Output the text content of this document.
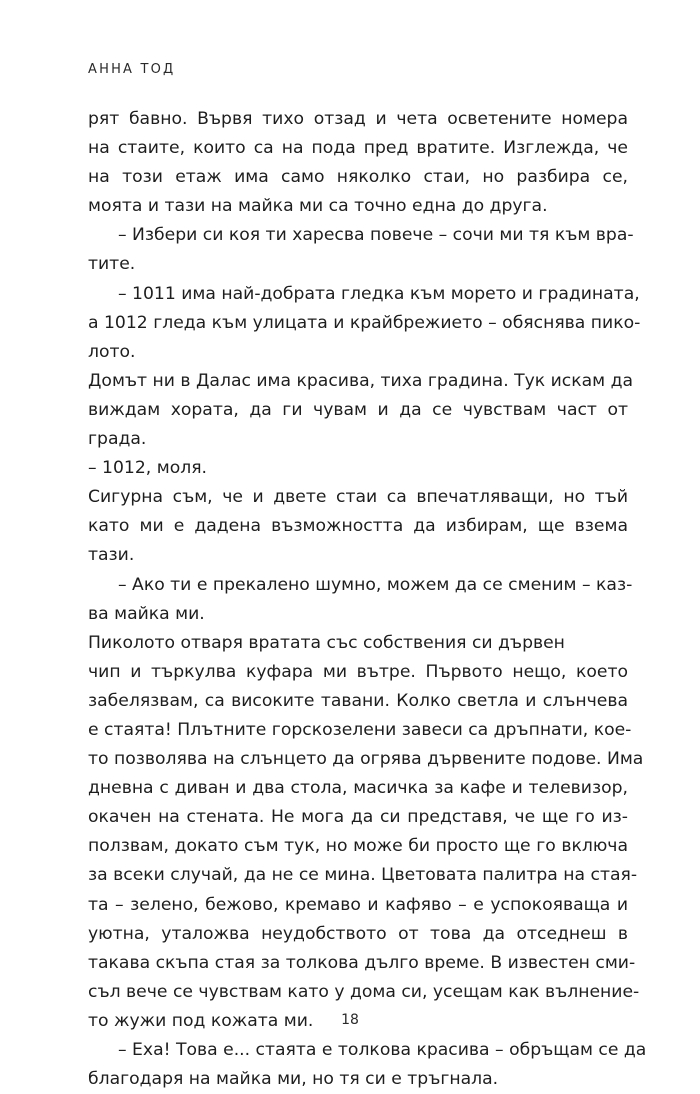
АННА ТОД
рят бавно. Вървя тихо отзад и чета осветените номера
на стаите, които са на пода пред вратите. Изглежда, че
на този етаж има само няколко стаи, но разбира се,
моята и тази на майка ми са точно една до друга.
– Избери си коя ти харесва повече – сочи ми тя към вра-
тите.
– 1011 има най-добрата гледка към морето и градината,
а 1012 гледа към улицата и крайбрежието – обяснява пико-
лото.
Домът ни в Далас има красива, тиха градина. Тук искам да
виждам хората, да ги чувам и да се чувствам част от
града.
– 1012, моля.
Сигурна съм, че и двете стаи са впечатляващи, но тъй
като ми е дадена възможността да избирам, ще взема
тази.
– Ако ти е прекалено шумно, можем да се сменим – каз-
ва майка ми.
Пиколото отваря вратата със собствения си дървен
чип и търкулва куфара ми вътре. Първото нещо, което
забелязвам, са високите тавани. Колко светла и слънчева
е стаята! Плътните горскозелени завеси са дръпнати, кое-
то позволява на слънцето да огрява дървените подове. Има
дневна с диван и два стола, масичка за кафе и телевизор,
окачен на стената. Не мога да си представя, че ще го из-
ползвам, докато съм тук, но може би просто ще го включа
за всеки случай, да не се мина. Цветовата палитра на стая-
та – зелено, бежово, кремаво и кафяво – е успокояваща и
уютна, уталожва неудобството от това да отседнеш в
такава скъпа стая за толкова дълго време. В известен сми-
съл вече се чувствам като у дома си, усещам как вълнение-
то жужи под кожата ми.
– Еха! Това е... стаята е толкова красива – обръщам се да
благодаря на майка ми, но тя си е тръгнала.
18
